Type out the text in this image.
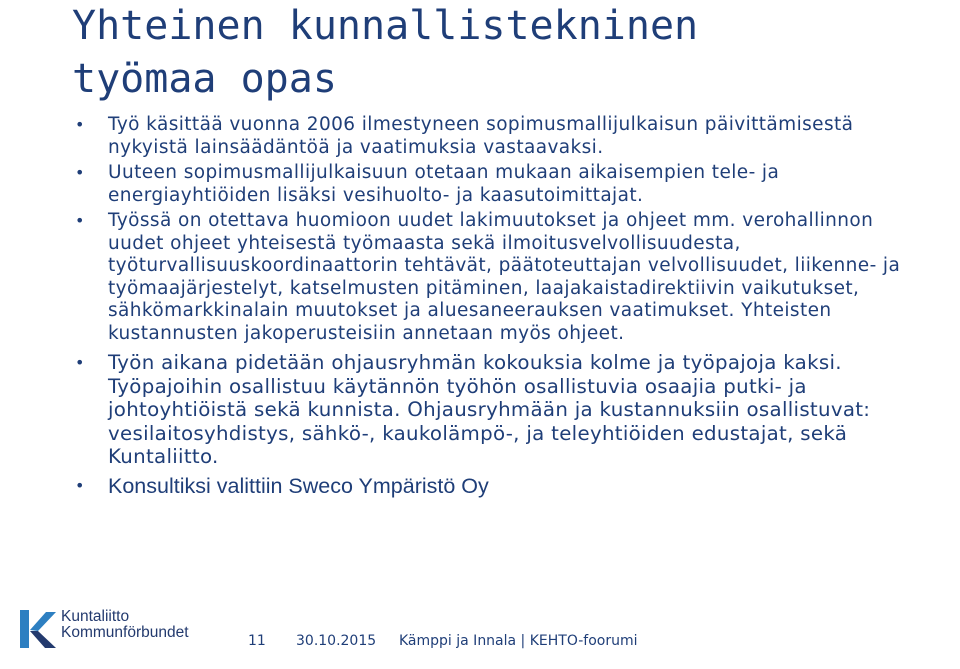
Yhteinen kunnallistekninen
työmaa opas
• Työ käsittää vuonna 2006 ilmestyneen sopimusmallijulkaisun päivittämisestä nykyistä lainsäädäntöä ja vaatimuksia vastaavaksi.
• Uuteen sopimusmallijulkaisuun otetaan mukaan aikaisempien tele- ja energiayhtiöiden lisäksi vesihuolto- ja kaasutoimittajat.
• Työssä on otettava huomioon uudet lakimuutokset ja ohjeet mm. verohallinnon uudet ohjeet yhteisestä työmaasta sekä ilmoitusvelvollisuudesta, työturvallisuuskoordinaattorin tehtävät, päätoteuttajan velvollisuudet, liikenne- ja työmaajärjestelyt, katselmusten pitäminen, laajakaistadirektiivin vaikutukset, sähkömarkkinalain muutokset ja aluesaneerauksen vaatimukset. Yhteisten kustannusten jakoperusteisiin annetaan myös ohjeet.
• Työn aikana pidetään ohjausryhmän kokouksia kolme ja työpajoja kaksi. Työpajoihin osallistuu käytännön työhön osallistuvia osaajia putki- ja johtoyhtiöistä sekä kunnista. Ohjausryhmään ja kustannuksiin osallistuvat: vesilaitosyhdistys, sähkö-, kaukolämpö-, ja teleyhtiöiden edustajat, sekä Kuntaliitto.
• Konsultiksi valittiin Sweco Ympäristö Oy
Kuntaliitto
Kommunförbundet	11 30.10.2015 Kämppi ja Innala | KEHTO-foorumi
